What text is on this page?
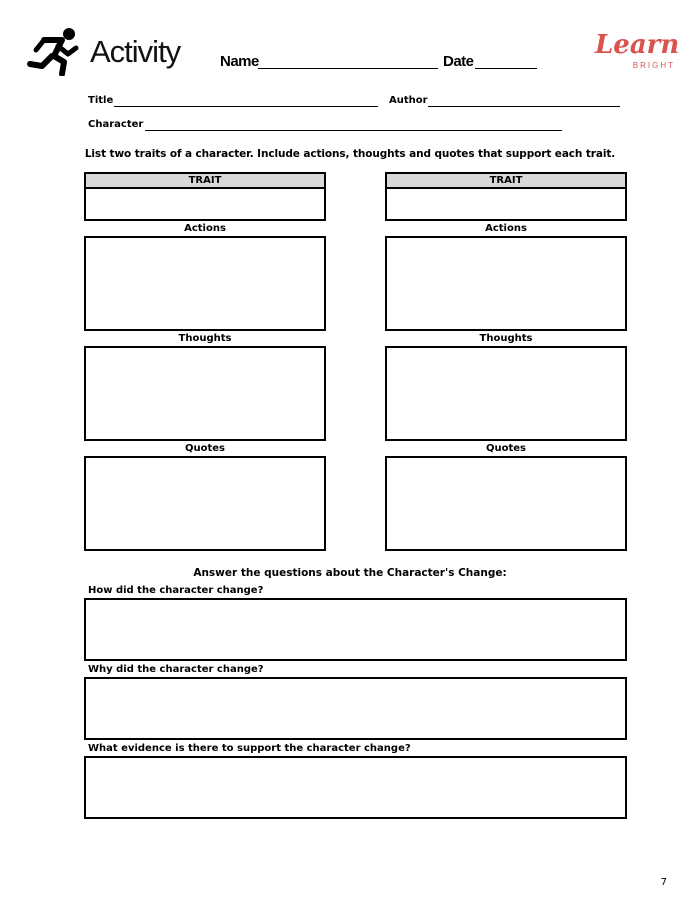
Activity	Name	Date
Learn
BRIGHT
Title	Author
Character
List two traits of a character. Include actions, thoughts and quotes that support each trait.
TRAIT
Actions
Thoughts
Quotes
TRAIT
Actions
Thoughts
Quotes
Answer the questions about the Character's Change:
How did the character change?
Why did the character change?
What evidence is there to support the character change?
7
